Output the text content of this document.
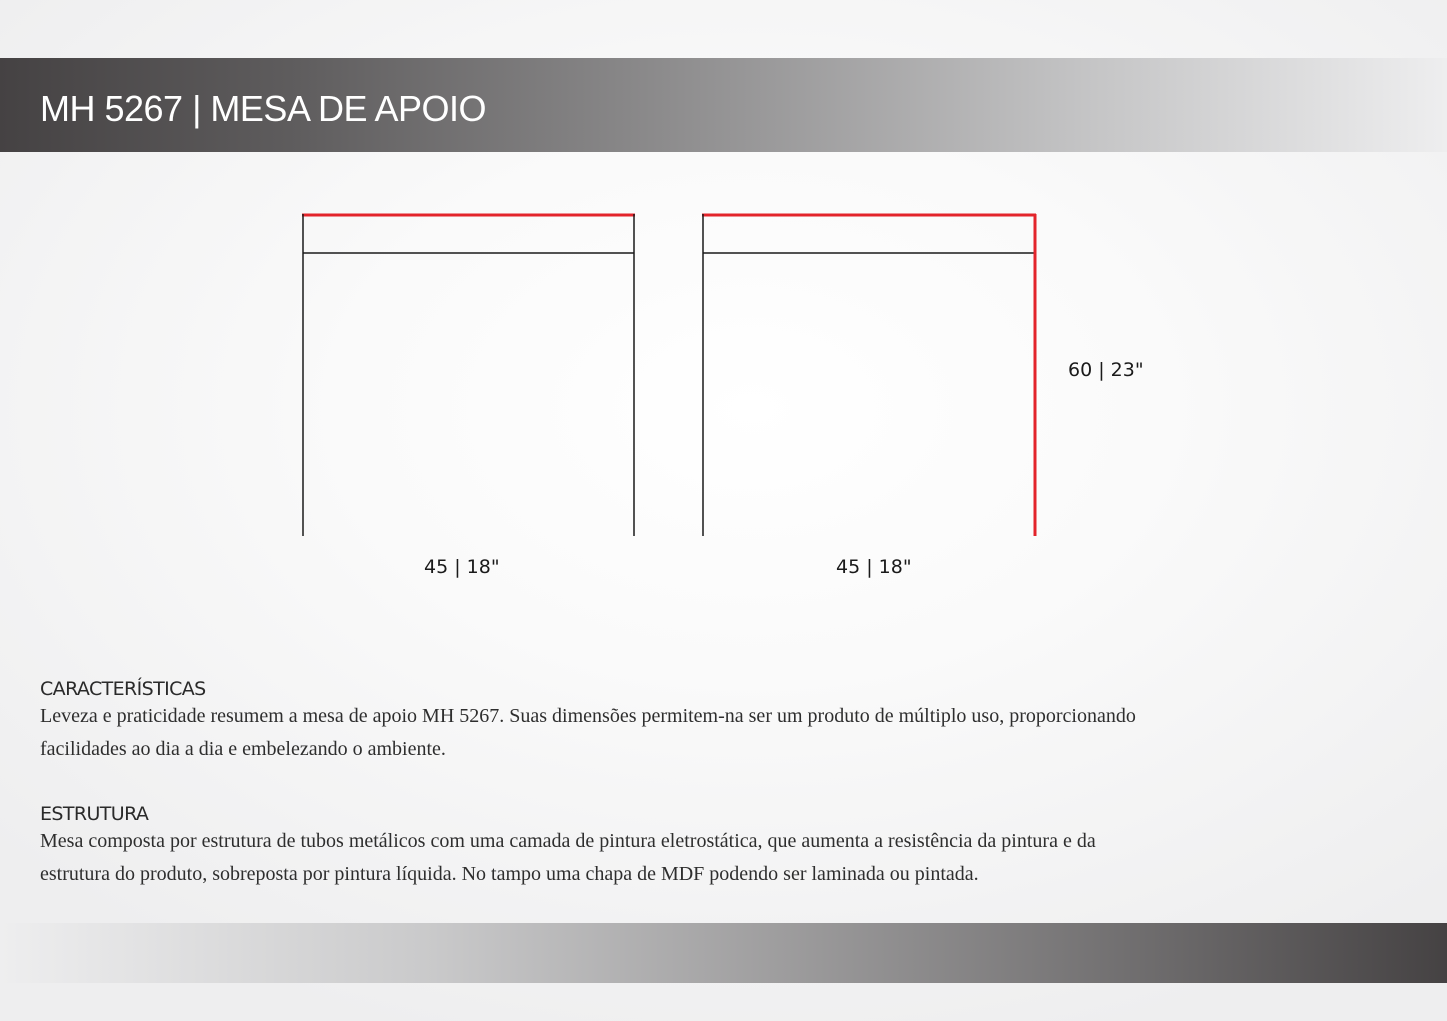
MH 5267 | MESA DE APOIO
45 | 18"	45 | 18"
60 | 23"
CARACTERÍSTICAS

Leveza e praticidade resumem a mesa de apoio MH 5267. Suas dimensões permitem-na ser um produto de múltiplo uso, proporcionando

facilidades ao dia a dia e embelezando o ambiente.

ESTRUTURA

Mesa composta por estrutura de tubos metálicos com uma camada de pintura eletrostática, que aumenta a resistência da pintura e da

estrutura do produto, sobreposta por pintura líquida. No tampo uma chapa de MDF podendo ser laminada ou pintada.
